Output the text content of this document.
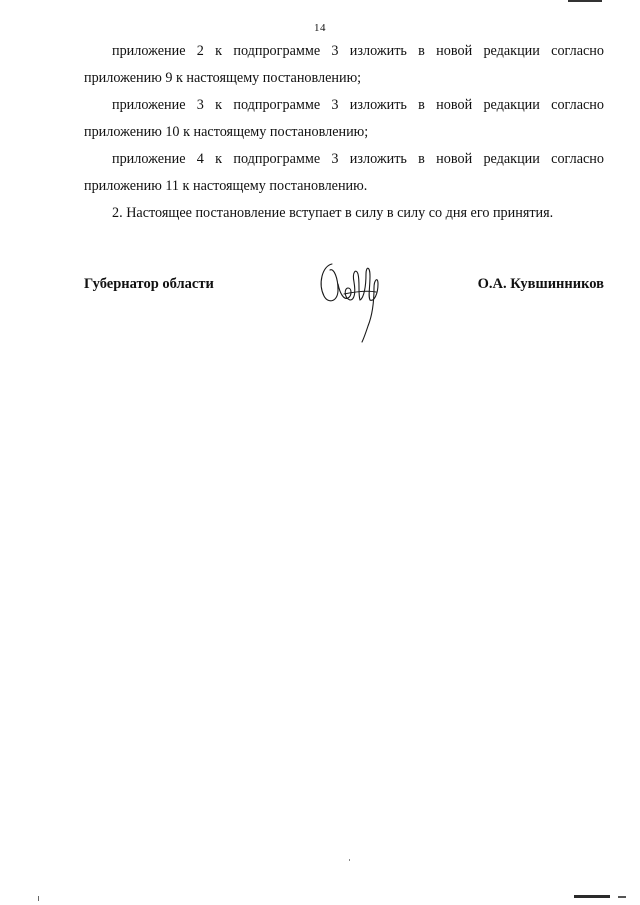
14

приложение 2 к подпрограмме 3 изложить в новой редакции согласно приложению 9 к настоящему постановлению;

приложение 3 к подпрограмме 3 изложить в новой редакции согласно приложению 10 к настоящему постановлению;

приложение 4 к подпрограмме 3 изложить в новой редакции согласно приложению 11 к настоящему постановлению.

2. Настоящее постановление вступает в силу в силу со дня его принятия.

Губернатор области	О.А. Кувшинников
